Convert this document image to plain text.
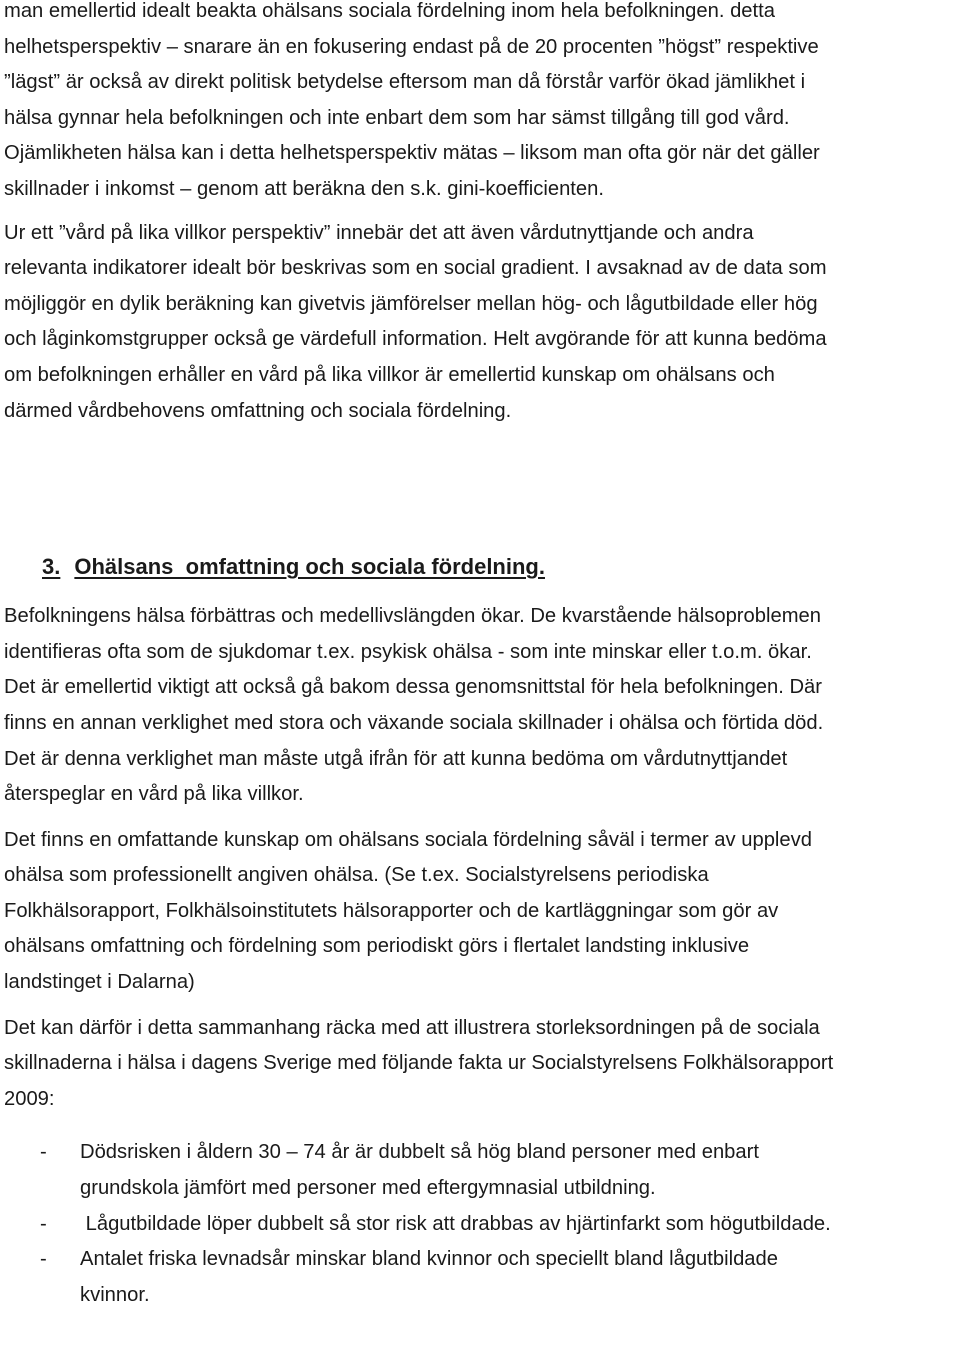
man emellertid idealt beakta ohälsans sociala fördelning inom hela befolkningen. detta
helhetsperspektiv – snarare än en fokusering endast på de 20 procenten ”högst” respektive
”lägst” är också av direkt politisk betydelse eftersom man då förstår varför ökad jämlikhet i
hälsa gynnar hela befolkningen och inte enbart dem som har sämst tillgång till god vård.
Ojämlikheten hälsa kan i detta helhetsperspektiv mätas – liksom man ofta gör när det gäller
skillnader i inkomst – genom att beräkna den s.k. gini-koefficienten.
Ur ett ”vård på lika villkor perspektiv” innebär det att även vårdutnyttjande och andra
relevanta indikatorer idealt bör beskrivas som en social gradient. I avsaknad av de data som
möjliggör en dylik beräkning kan givetvis jämförelser mellan hög- och lågutbildade eller hög
och låginkomstgrupper också ge värdefull information. Helt avgörande för att kunna bedöma
om befolkningen erhåller en vård på lika villkor är emellertid kunskap om ohälsans och
därmed vårdbehovens omfattning och sociala fördelning.
3. Ohälsans  omfattning och sociala fördelning.
Befolkningens hälsa förbättras och medellivslängden ökar. De kvarstående hälsoproblemen
identifieras ofta som de sjukdomar t.ex. psykisk ohälsa - som inte minskar eller t.o.m. ökar.
Det är emellertid viktigt att också gå bakom dessa genomsnittstal för hela befolkningen. Där
finns en annan verklighet med stora och växande sociala skillnader i ohälsa och förtida död.
Det är denna verklighet man måste utgå ifrån för att kunna bedöma om vårdutnyttjandet
återspeglar en vård på lika villkor.
Det finns en omfattande kunskap om ohälsans sociala fördelning såväl i termer av upplevd
ohälsa som professionellt angiven ohälsa. (Se t.ex. Socialstyrelsens periodiska
Folkhälsorapport, Folkhälsoinstitutets hälsorapporter och de kartläggningar som gör av
ohälsans omfattning och fördelning som periodiskt görs i flertalet landsting inklusive
landstinget i Dalarna)
Det kan därför i detta sammanhang räcka med att illustrera storleksordningen på de sociala
skillnaderna i hälsa i dagens Sverige med följande fakta ur Socialstyrelsens Folkhälsorapport
2009:
- Dödsrisken i åldern 30 – 74 år är dubbelt så hög bland personer med enbart
grundskola jämfört med personer med eftergymnasial utbildning.
- Lågutbildade löper dubbelt så stor risk att drabbas av hjärtinfarkt som högutbildade.
- Antalet friska levnadsår minskar bland kvinnor och speciellt bland lågutbildade
kvinnor.
